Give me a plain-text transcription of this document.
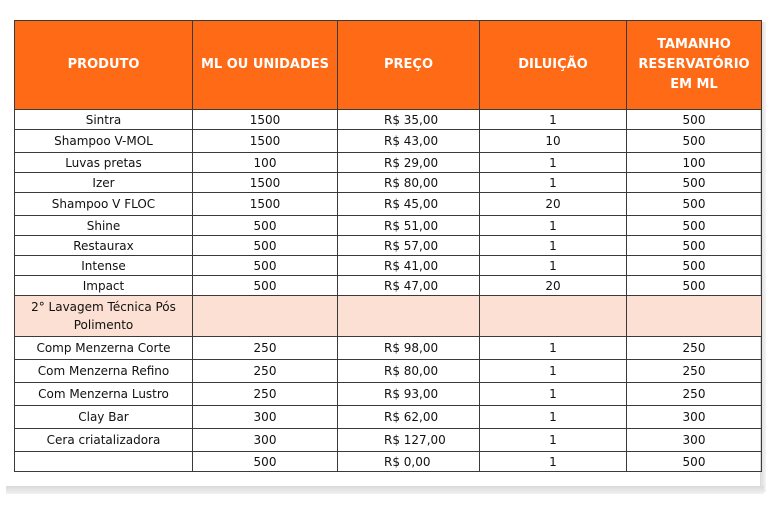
PRODUTO	ML OU UNIDADES	PREÇO	DILUIÇÃO	TAMANHO RESERVATÓRIO EM ML
Sintra	1500	R$ 35,00	1	500
Shampoo V-MOL	1500	R$ 43,00	10	500
Luvas pretas	100	R$ 29,00	1	100
Izer	1500	R$ 80,00	1	500
Shampoo V FLOC	1500	R$ 45,00	20	500
Shine	500	R$ 51,00	1	500
Restaurax	500	R$ 57,00	1	500
Intense	500	R$ 41,00	1	500
Impact	500	R$ 47,00	20	500
2° Lavagem Técnica Pós Polimento				
Comp Menzerna Corte	250	R$ 98,00	1	250
Com Menzerna Refino	250	R$ 80,00	1	250
Com Menzerna Lustro	250	R$ 93,00	1	250
Clay Bar	300	R$ 62,00	1	300
Cera criatalizadora	300	R$ 127,00	1	300
	500	R$ 0,00	1	500
